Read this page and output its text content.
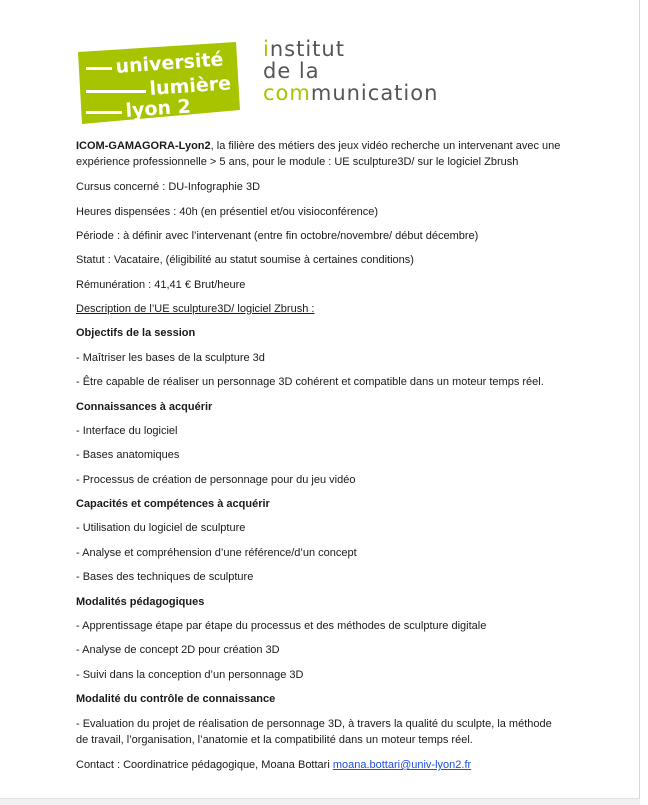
université
lumière
lyon 2
institut
de la
communication

ICOM-GAMAGORA-Lyon2, la filière des métiers des jeux vidéo recherche un intervenant avec une expérience professionnelle > 5 ans, pour le module : UE sculpture3D/ sur le logiciel Zbrush

Cursus concerné : DU-Infographie 3D

Heures dispensées : 40h (en présentiel et/ou visioconférence)

Période : à définir avec l’intervenant (entre fin octobre/novembre/ début décembre)

Statut : Vacataire, (éligibilité au statut soumise à certaines conditions)

Rémunération : 41,41 € Brut/heure

Description de l’UE sculpture3D/ logiciel Zbrush :

Objectifs de la session

- Maîtriser les bases de la sculpture 3d

- Être capable de réaliser un personnage 3D cohérent et compatible dans un moteur temps réel.

Connaissances à acquérir

- Interface du logiciel

- Bases anatomiques

- Processus de création de personnage pour du jeu vidéo

Capacités et compétences à acquérir

- Utilisation du logiciel de sculpture

- Analyse et compréhension d’une référence/d’un concept

- Bases des techniques de sculpture

Modalités pédagogiques

- Apprentissage étape par étape du processus et des méthodes de sculpture digitale

- Analyse de concept 2D pour création 3D

- Suivi dans la conception d’un personnage 3D

Modalité du contrôle de connaissance

- Evaluation du projet de réalisation de personnage 3D, à travers la qualité du sculpte, la méthode de travail, l’organisation, l’anatomie et la compatibilité dans un moteur temps réel.

Contact : Coordinatrice pédagogique, Moana Bottari moana.bottari@univ-lyon2.fr
